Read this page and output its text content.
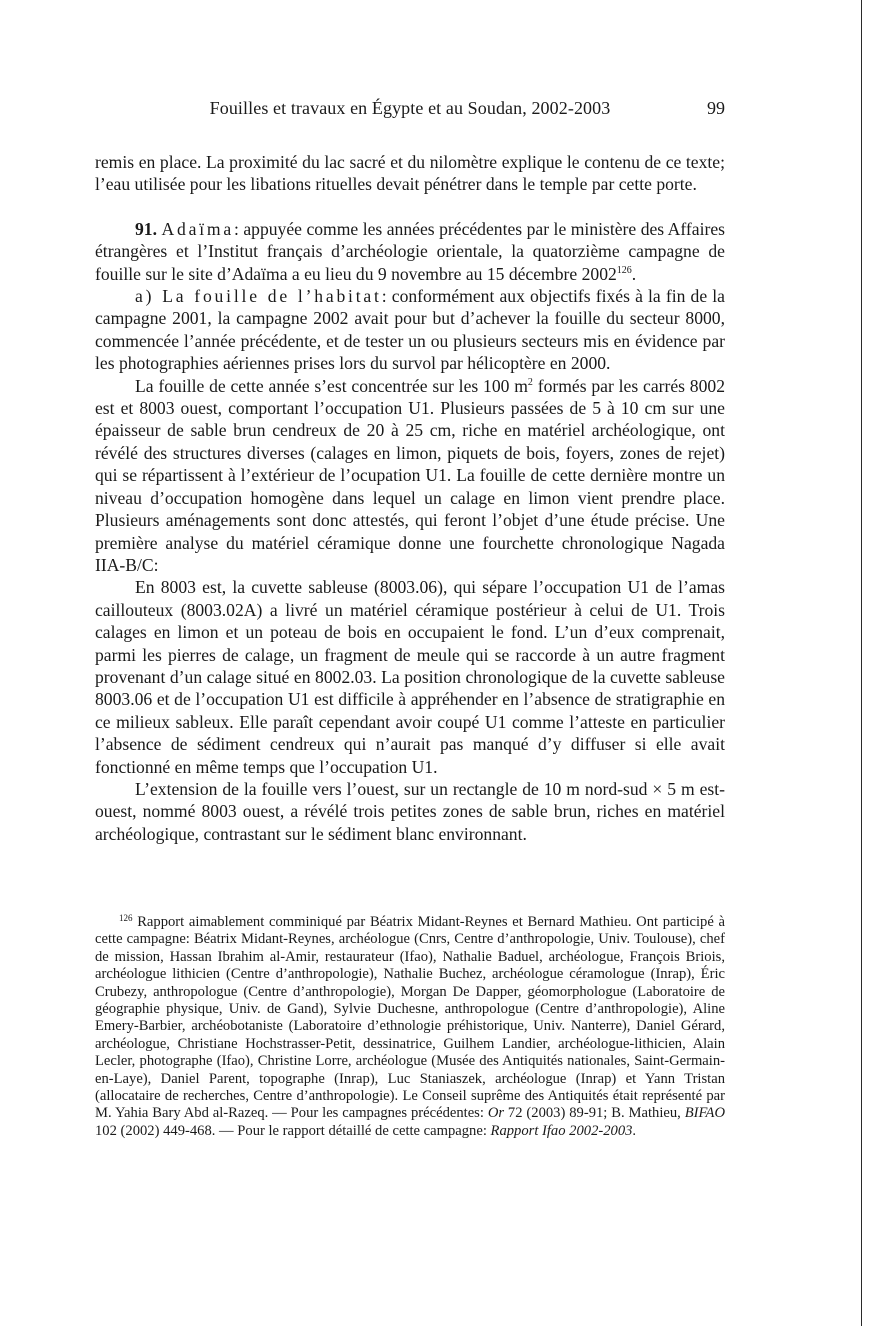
Fouilles et travaux en Égypte et au Soudan, 2002-2003	99

remis en place. La proximité du lac sacré et du nilomètre explique le contenu de ce texte; l’eau utilisée pour les libations rituelles devait pénétrer dans le temple par cette porte.

91. Adaïma: appuyée comme les années précédentes par le ministère des Affaires étrangères et l’Institut français d’archéologie orientale, la quatorzième campagne de fouille sur le site d’Adaïma a eu lieu du 9 novembre au 15 décembre 2002$^{126}$.

a) La fouille de l’habitat: conformément aux objectifs fixés à la fin de la campagne 2001, la campagne 2002 avait pour but d’achever la fouille du secteur 8000, commencée l’année précédente, et de tester un ou plusieurs secteurs mis en évidence par les photographies aériennes prises lors du survol par hélicoptère en 2000.

La fouille de cette année s’est concentrée sur les 100 $m^2$ formés par les carrés 8002 est et 8003 ouest, comportant l’occupation U1. Plusieurs passées de 5 à 10 cm sur une épaisseur de sable brun cendreux de 20 à 25 cm, riche en matériel archéologique, ont révélé des structures diverses (calages en limon, piquets de bois, foyers, zones de rejet) qui se répartissent à l’extérieur de l’ocupation U1. La fouille de cette dernière montre un niveau d’occupation homogène dans lequel un calage en limon vient prendre place. Plusieurs aménagements sont donc attestés, qui feront l’objet d’une étude précise. Une première analyse du matériel céramique donne une fourchette chronologique Nagada IIA-B/C:

En 8003 est, la cuvette sableuse (8003.06), qui sépare l’occupation U1 de l’amas caillouteux (8003.02A) a livré un matériel céramique postérieur à celui de U1. Trois calages en limon et un poteau de bois en occupaient le fond. L’un d’eux comprenait, parmi les pierres de calage, un fragment de meule qui se raccorde à un autre fragment provenant d’un calage situé en 8002.03. La position chronologique de la cuvette sableuse 8003.06 et de l’occupation U1 est difficile à appréhender en l’absence de stratigraphie en ce milieux sableux. Elle paraît cependant avoir coupé U1 comme l’atteste en particulier l’absence de sédiment cendreux qui n’aurait pas manqué d’y diffuser si elle avait fonctionné en même temps que l’occupation U1.

L’extension de la fouille vers l’ouest, sur un rectangle de 10 m nord-sud × 5 m est-ouest, nommé 8003 ouest, a révélé trois petites zones de sable brun, riches en matériel archéologique, contrastant sur le sédiment blanc environnant.

$^{126}$ Rapport aimablement comminiqué par Béatrix Midant-Reynes et Bernard Mathieu. Ont participé à cette campagne: Béatrix Midant-Reynes, archéologue (Cnrs, Centre d’anthropologie, Univ. Toulouse), chef de mission, Hassan Ibrahim al-Amir, restaurateur (Ifao), Nathalie Baduel, archéologue, François Briois, archéologue lithicien (Centre d’anthropologie), Nathalie Buchez, archéologue céramologue (Inrap), Éric Crubezy, anthropologue (Centre d’anthropologie), Morgan De Dapper, géomorphologue (Laboratoire de géographie physique, Univ. de Gand), Sylvie Duchesne, anthropologue (Centre d’anthropologie), Aline Emery-Barbier, archéobotaniste (Laboratoire d’ethnologie préhistorique, Univ. Nanterre), Daniel Gérard, archéologue, Christiane Hochstrasser-Petit, dessinatrice, Guilhem Landier, archéologue-lithicien, Alain Lecler, photographe (Ifao), Christine Lorre, archéologue (Musée des Antiquités nationales, Saint-Germain-en-Laye), Daniel Parent, topographe (Inrap), Luc Staniaszek, archéologue (Inrap) et Yann Tristan (allocataire de recherches, Centre d’anthropologie). Le Conseil suprême des Antiquités était représenté par M. Yahia Bary Abd al-Razeq. — Pour les campagnes précédentes: Or 72 (2003) 89-91; B. Mathieu, BIFAO 102 (2002) 449-468. — Pour le rapport détaillé de cette campagne: Rapport Ifao 2002-2003.
